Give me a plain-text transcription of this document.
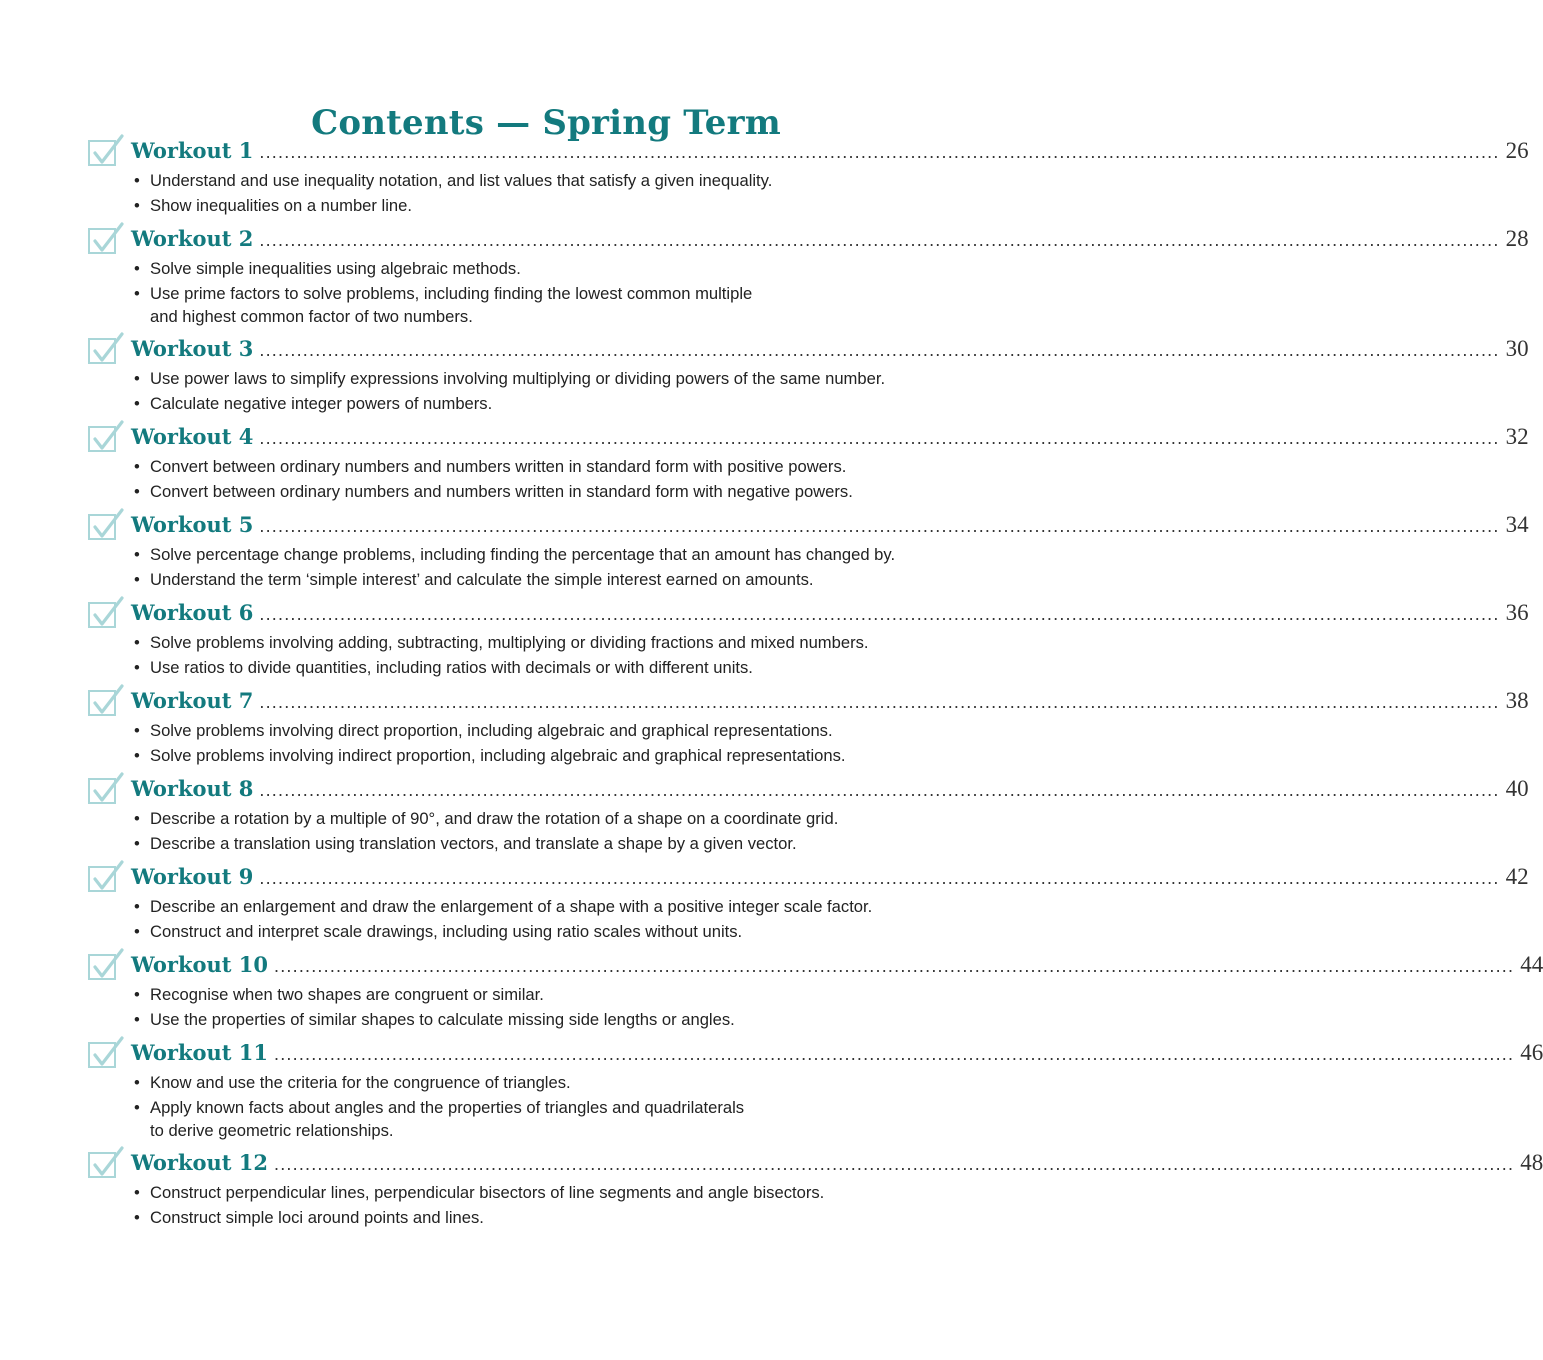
Contents — Spring Term
Workout 1 ........................................................................................................................................................................................................ 26
• Understand and use inequality notation, and list values that satisfy a given inequality.
• Show inequalities on a number line.
Workout 2 ........................................................................................................................................................................................................ 28
• Solve simple inequalities using algebraic methods.
• Use prime factors to solve problems, including finding the lowest common multiple
and highest common factor of two numbers.
Workout 3 ........................................................................................................................................................................................................ 30
• Use power laws to simplify expressions involving multiplying or dividing powers of the same number.
• Calculate negative integer powers of numbers.
Workout 4 ........................................................................................................................................................................................................ 32
• Convert between ordinary numbers and numbers written in standard form with positive powers.
• Convert between ordinary numbers and numbers written in standard form with negative powers.
Workout 5 ........................................................................................................................................................................................................ 34
• Solve percentage change problems, including finding the percentage that an amount has changed by.
• Understand the term ‘simple interest’ and calculate the simple interest earned on amounts.
Workout 6 ........................................................................................................................................................................................................ 36
• Solve problems involving adding, subtracting, multiplying or dividing fractions and mixed numbers.
• Use ratios to divide quantities, including ratios with decimals or with different units.
Workout 7 ........................................................................................................................................................................................................ 38
• Solve problems involving direct proportion, including algebraic and graphical representations.
• Solve problems involving indirect proportion, including algebraic and graphical representations.
Workout 8 ........................................................................................................................................................................................................ 40
• Describe a rotation by a multiple of 90°, and draw the rotation of a shape on a coordinate grid.
• Describe a translation using translation vectors, and translate a shape by a given vector.
Workout 9 ........................................................................................................................................................................................................ 42
• Describe an enlargement and draw the enlargement of a shape with a positive integer scale factor.
• Construct and interpret scale drawings, including using ratio scales without units.
Workout 10 ........................................................................................................................................................................................................ 44
• Recognise when two shapes are congruent or similar.
• Use the properties of similar shapes to calculate missing side lengths or angles.
Workout 11 ........................................................................................................................................................................................................ 46
• Know and use the criteria for the congruence of triangles.
• Apply known facts about angles and the properties of triangles and quadrilaterals
to derive geometric relationships.
Workout 12 ........................................................................................................................................................................................................ 48
• Construct perpendicular lines, perpendicular bisectors of line segments and angle bisectors.
• Construct simple loci around points and lines.
